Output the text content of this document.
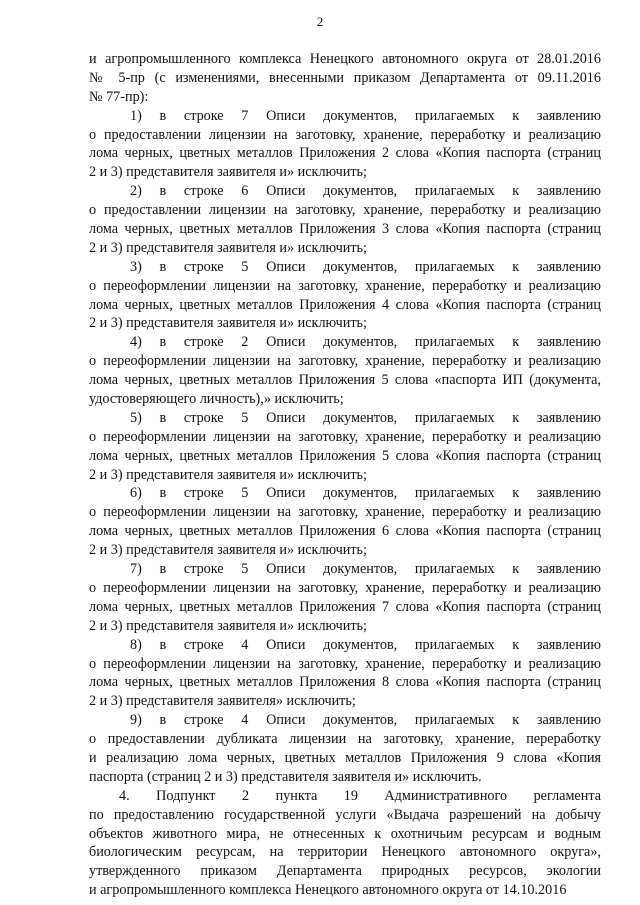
2
и агропромышленного комплекса Ненецкого автономного округа от 28.01.2016
№ 5-пр (с изменениями, внесенными приказом Департамента от 09.11.2016
№ 77-пр):
1) в строке 7 Описи документов, прилагаемых к заявлению
о предоставлении лицензии на заготовку, хранение, переработку и реализацию
лома черных, цветных металлов Приложения 2 слова «Копия паспорта (страниц
2 и 3) представителя заявителя и» исключить;
2) в строке 6 Описи документов, прилагаемых к заявлению
о предоставлении лицензии на заготовку, хранение, переработку и реализацию
лома черных, цветных металлов Приложения 3 слова «Копия паспорта (страниц
2 и 3) представителя заявителя и» исключить;
3) в строке 5 Описи документов, прилагаемых к заявлению
о переоформлении лицензии на заготовку, хранение, переработку и реализацию
лома черных, цветных металлов Приложения 4 слова «Копия паспорта (страниц
2 и 3) представителя заявителя и» исключить;
4) в строке 2 Описи документов, прилагаемых к заявлению
о переоформлении лицензии на заготовку, хранение, переработку и реализацию
лома черных, цветных металлов Приложения 5 слова «паспорта ИП (документа,
удостоверяющего личность),» исключить;
5) в строке 5 Описи документов, прилагаемых к заявлению
о переоформлении лицензии на заготовку, хранение, переработку и реализацию
лома черных, цветных металлов Приложения 5 слова «Копия паспорта (страниц
2 и 3) представителя заявителя и» исключить;
6) в строке 5 Описи документов, прилагаемых к заявлению
о переоформлении лицензии на заготовку, хранение, переработку и реализацию
лома черных, цветных металлов Приложения 6 слова «Копия паспорта (страниц
2 и 3) представителя заявителя и» исключить;
7) в строке 5 Описи документов, прилагаемых к заявлению
о переоформлении лицензии на заготовку, хранение, переработку и реализацию
лома черных, цветных металлов Приложения 7 слова «Копия паспорта (страниц
2 и 3) представителя заявителя и» исключить;
8) в строке 4 Описи документов, прилагаемых к заявлению
о переоформлении лицензии на заготовку, хранение, переработку и реализацию
лома черных, цветных металлов Приложения 8 слова «Копия паспорта (страниц
2 и 3) представителя заявителя» исключить;
9) в строке 4 Описи документов, прилагаемых к заявлению
о предоставлении дубликата лицензии на заготовку, хранение, переработку
и реализацию лома черных, цветных металлов Приложения 9 слова «Копия
паспорта (страниц 2 и 3) представителя заявителя и» исключить.
4. Подпункт 2 пункта 19 Административного регламента
по предоставлению государственной услуги «Выдача разрешений на добычу
объектов животного мира, не отнесенных к охотничьим ресурсам и водным
биологическим ресурсам, на территории Ненецкого автономного округа»,
утвержденного приказом Департамента природных ресурсов, экологии
и агропромышленного комплекса Ненецкого автономного округа от 14.10.2016
